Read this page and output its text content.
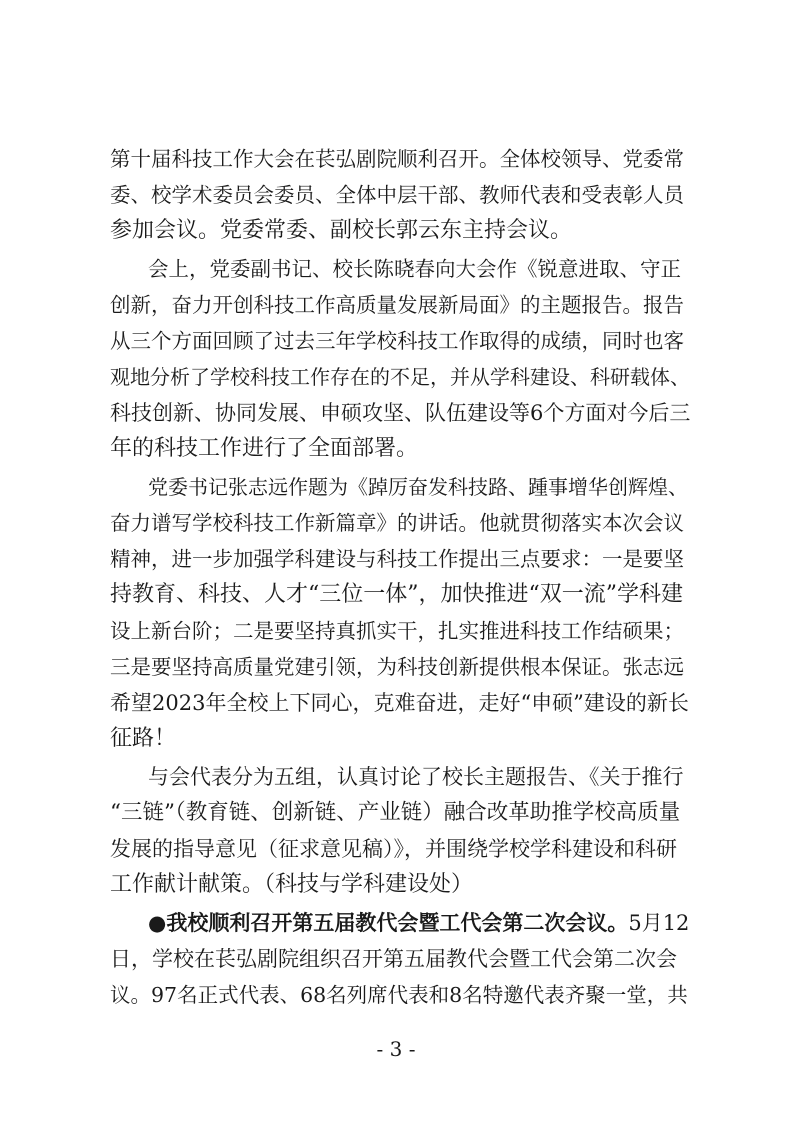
第十届科技工作大会在苌弘剧院顺利召开。全体校领导、党委常
委、校学术委员会委员、全体中层干部、教师代表和受表彰人员
参加会议。党委常委、副校长郭云东主持会议。
会上，党委副书记、校长陈晓春向大会作《锐意进取、守正
创新，奋力开创科技工作高质量发展新局面》的主题报告。报告
从三个方面回顾了过去三年学校科技工作取得的成绩，同时也客
观地分析了学校科技工作存在的不足，并从学科建设、科研载体、
科技创新、协同发展、申硕攻坚、队伍建设等6个方面对今后三
年的科技工作进行了全面部署。
党委书记张志远作题为《踔厉奋发科技路、踵事增华创辉煌、
奋力谱写学校科技工作新篇章》的讲话。他就贯彻落实本次会议
精神，进一步加强学科建设与科技工作提出三点要求：一是要坚
持教育、科技、人才“三位一体”，加快推进“双一流”学科建
设上新台阶；二是要坚持真抓实干，扎实推进科技工作结硕果；
三是要坚持高质量党建引领，为科技创新提供根本保证。张志远
希望2023年全校上下同心，克难奋进，走好“申硕”建设的新长
征路！
与会代表分为五组，认真讨论了校长主题报告、《关于推行
“三链”（教育链、创新链、产业链）融合改革助推学校高质量
发展的指导意见（征求意见稿）》，并围绕学校学科建设和科研
工作献计献策。（科技与学科建设处）
●我校顺利召开第五届教代会暨工代会第二次会议。5月12
日，学校在苌弘剧院组织召开第五届教代会暨工代会第二次会
议。97名正式代表、68名列席代表和8名特邀代表齐聚一堂，共
- 3 -
